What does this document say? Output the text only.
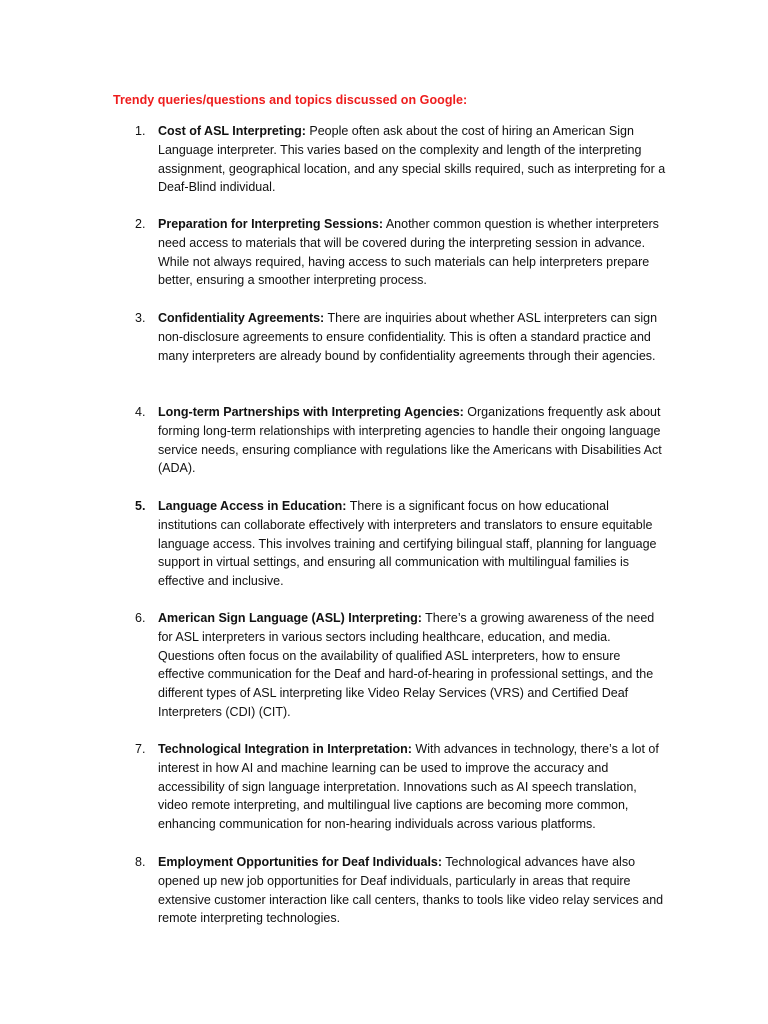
Trendy queries/questions and topics discussed on Google:
1. Cost of ASL Interpreting: People often ask about the cost of hiring an American Sign Language interpreter. This varies based on the complexity and length of the interpreting assignment, geographical location, and any special skills required, such as interpreting for a Deaf-Blind individual.
2. Preparation for Interpreting Sessions: Another common question is whether interpreters need access to materials that will be covered during the interpreting session in advance. While not always required, having access to such materials can help interpreters prepare better, ensuring a smoother interpreting process.
3. Confidentiality Agreements: There are inquiries about whether ASL interpreters can sign non-disclosure agreements to ensure confidentiality. This is often a standard practice and many interpreters are already bound by confidentiality agreements through their agencies.
4. Long-term Partnerships with Interpreting Agencies: Organizations frequently ask about forming long-term relationships with interpreting agencies to handle their ongoing language service needs, ensuring compliance with regulations like the Americans with Disabilities Act (ADA).
5. Language Access in Education: There is a significant focus on how educational institutions can collaborate effectively with interpreters and translators to ensure equitable language access. This involves training and certifying bilingual staff, planning for language support in virtual settings, and ensuring all communication with multilingual families is effective and inclusive.
6. American Sign Language (ASL) Interpreting: There’s a growing awareness of the need for ASL interpreters in various sectors including healthcare, education, and media. Questions often focus on the availability of qualified ASL interpreters, how to ensure effective communication for the Deaf and hard-of-hearing in professional settings, and the different types of ASL interpreting like Video Relay Services (VRS) and Certified Deaf Interpreters (CDI) (CIT).
7. Technological Integration in Interpretation: With advances in technology, there’s a lot of interest in how AI and machine learning can be used to improve the accuracy and accessibility of sign language interpretation. Innovations such as AI speech translation, video remote interpreting, and multilingual live captions are becoming more common, enhancing communication for non-hearing individuals across various platforms.
8. Employment Opportunities for Deaf Individuals: Technological advances have also opened up new job opportunities for Deaf individuals, particularly in areas that require extensive customer interaction like call centers, thanks to tools like video relay services and remote interpreting technologies.
